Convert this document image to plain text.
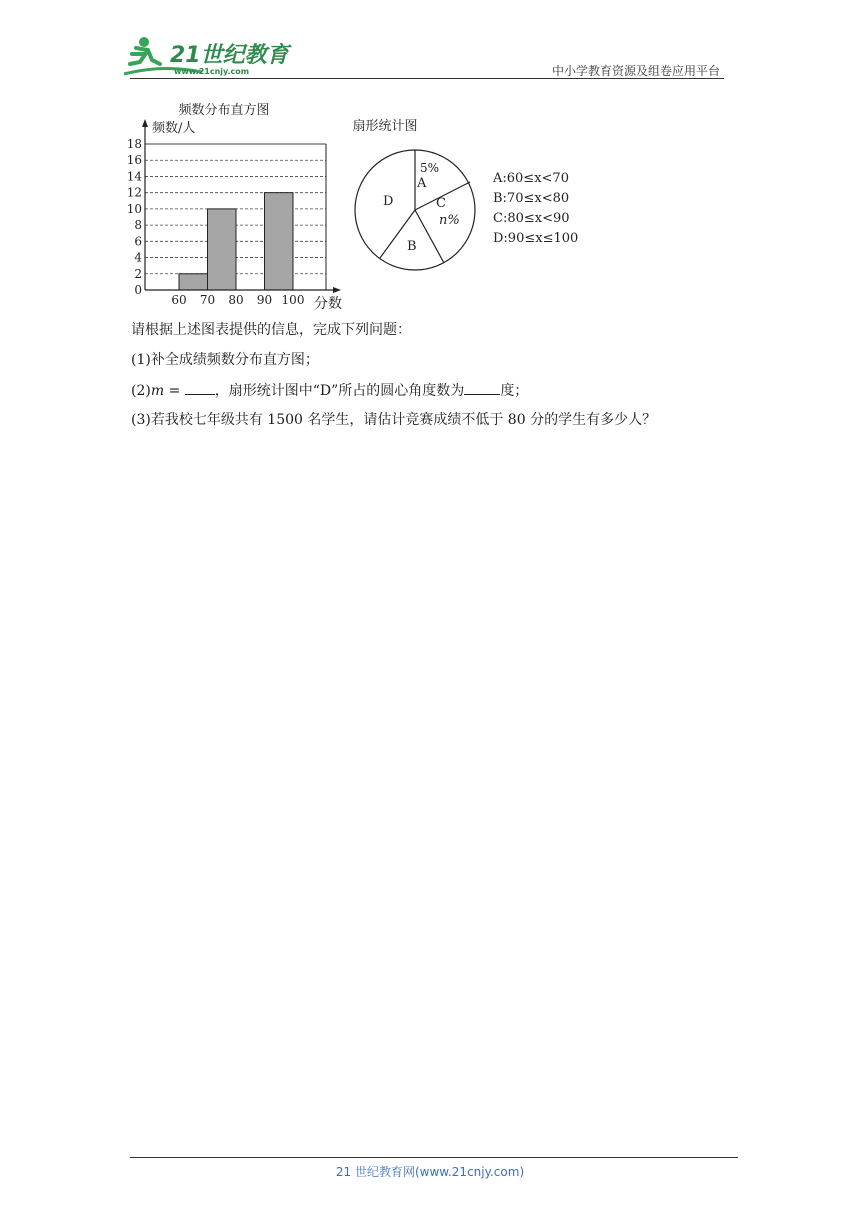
21世纪教育
www.21cnjy.com	中小学教育资源及组卷应用平台
频数分布直方图
频数/人
0
2
4
6
8
10
12
14
16
18
60 70 80 90 100 分数
扇形统计图
5%
A
C
n%
D
B
A:60≤x<70
B:70≤x<80
C:80≤x<90
D:90≤x≤100
请根据上述图表提供的信息，完成下列问题：
(1)补全成绩频数分布直方图；
(2)m = ，扇形统计图中“D”所占的圆心角度数为	度；
(3)若我校七年级共有 1500 名学生，请估计竞赛成绩不低于 80 分的学生有多少人？
21 世纪教育网(www.21cnjy.com)
